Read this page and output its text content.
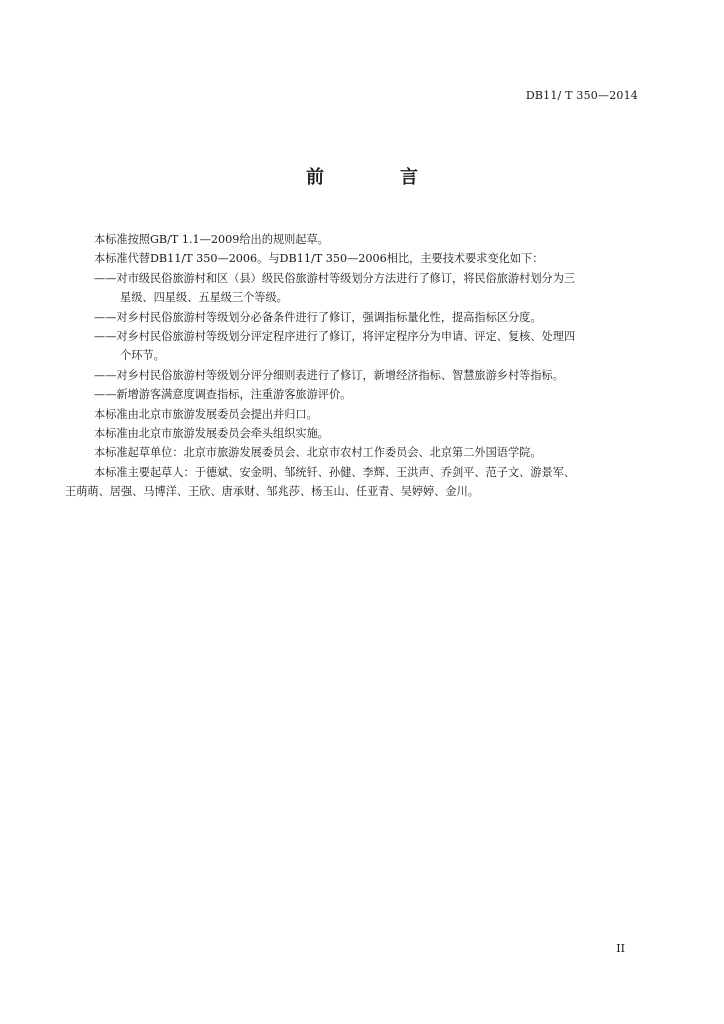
DB11/ T 350—2014
前	言

本标准按照GB/T 1.1—2009给出的规则起草。

本标准代替DB11/T 350—2006。与DB11/T 350—2006相比，主要技术要求变化如下：

——对市级民俗旅游村和区（县）级民俗旅游村等级划分方法进行了修订，将民俗旅游村划分为三

星级、四星级、五星级三个等级。

——对乡村民俗旅游村等级划分必备条件进行了修订，强调指标量化性，提高指标区分度。

——对乡村民俗旅游村等级划分评定程序进行了修订，将评定程序分为申请、评定、复核、处理四

个环节。

——对乡村民俗旅游村等级划分评分细则表进行了修订，新增经济指标、智慧旅游乡村等指标。

——新增游客满意度调查指标，注重游客旅游评价。

本标准由北京市旅游发展委员会提出并归口。

本标准由北京市旅游发展委员会牵头组织实施。

本标准起草单位：北京市旅游发展委员会、北京市农村工作委员会、北京第二外国语学院。

本标准主要起草人：于德斌、安金明、邹统钎、孙健、李辉、王洪声、乔剑平、范子文、游景军、

王萌萌、居强、马博洋、王欣、唐承财、邹兆莎、杨玉山、任亚青、吴婷婷、金川。

II
